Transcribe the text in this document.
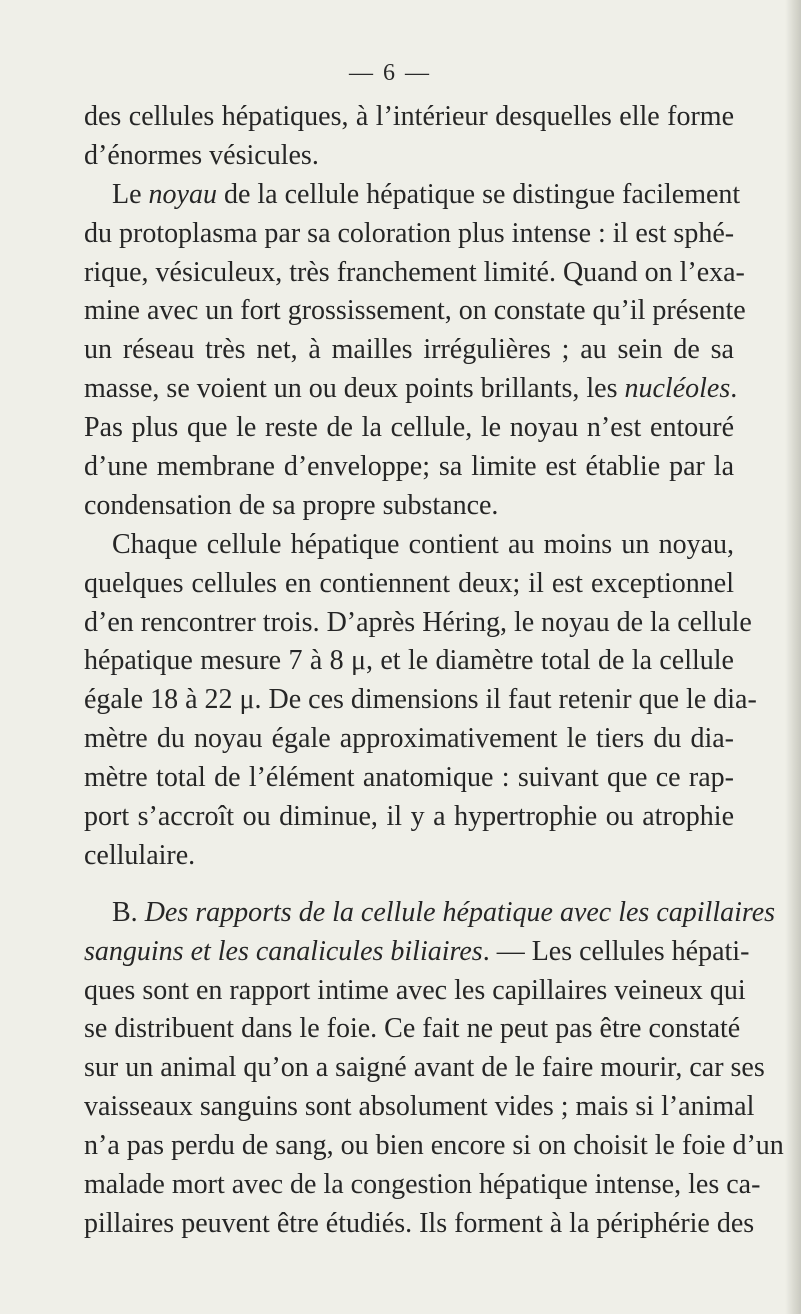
— 6 —
des cellules hépatiques, à l’intérieur desquelles elle forme
d’énormes vésicules.
Le noyau de la cellule hépatique se distingue facilement
du protoplasma par sa coloration plus intense : il est sphé-
rique, vésiculeux, très franchement limité. Quand on l’exa-
mine avec un fort grossissement, on constate qu’il présente
un réseau très net, à mailles irrégulières ; au sein de sa
masse, se voient un ou deux points brillants, les nucléoles.
Pas plus que le reste de la cellule, le noyau n’est entouré
d’une membrane d’enveloppe; sa limite est établie par la
condensation de sa propre substance.
Chaque cellule hépatique contient au moins un noyau,
quelques cellules en contiennent deux; il est exceptionnel
d’en rencontrer trois. D’après Héring, le noyau de la cellule
hépatique mesure 7 à 8 μ, et le diamètre total de la cellule
égale 18 à 22 μ. De ces dimensions il faut retenir que le dia-
mètre du noyau égale approximativement le tiers du dia-
mètre total de l’élément anatomique : suivant que ce rap-
port s’accroît ou diminue, il y a hypertrophie ou atrophie
cellulaire.
B. Des rapports de la cellule hépatique avec les capillaires
sanguins et les canalicules biliaires. — Les cellules hépati-
ques sont en rapport intime avec les capillaires veineux qui
se distribuent dans le foie. Ce fait ne peut pas être constaté
sur un animal qu’on a saigné avant de le faire mourir, car ses
vaisseaux sanguins sont absolument vides ; mais si l’animal
n’a pas perdu de sang, ou bien encore si on choisit le foie d’un
malade mort avec de la congestion hépatique intense, les ca-
pillaires peuvent être étudiés. Ils forment à la périphérie des
